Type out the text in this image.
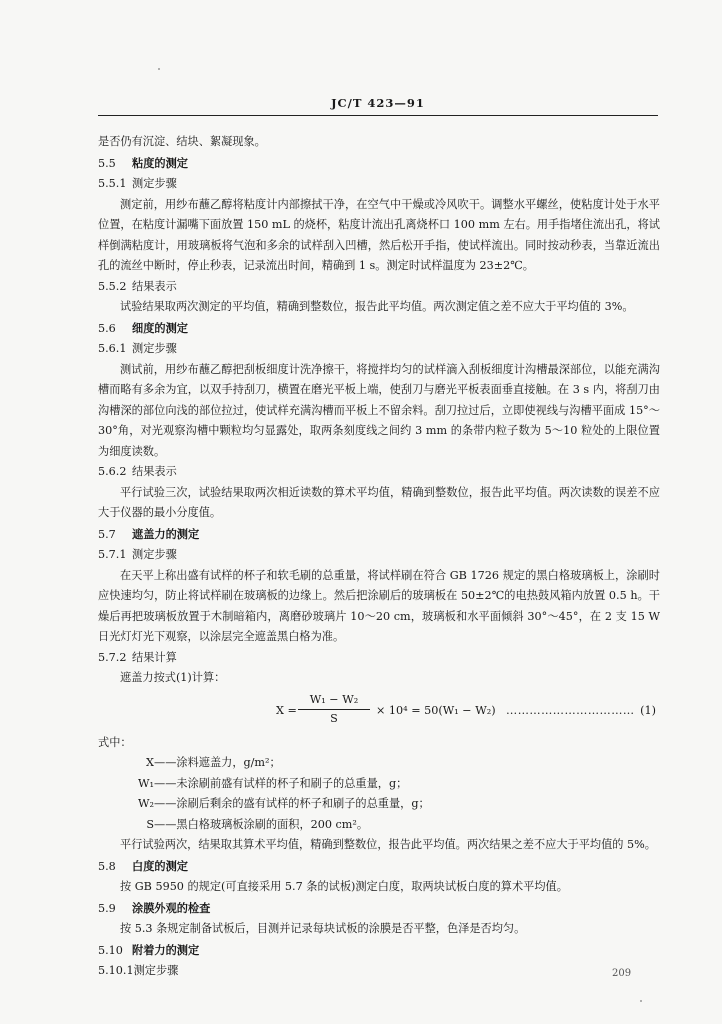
JC/T 423—91

是否仍有沉淀、结块、絮凝现象。

5.5 粘度的测定
5.5.1 测定步骤

测定前，用纱布蘸乙醇将粘度计内部擦拭干净，在空气中干燥或冷风吹干。调整水平螺丝，使粘度计处于水平位置，在粘度计漏嘴下面放置 150 mL 的烧杯，粘度计流出孔离烧杯口 100 mm 左右。用手指堵住流出孔，将试样倒满粘度计，用玻璃板将气泡和多余的试样刮入凹槽，然后松开手指，使试样流出。同时按动秒表，当靠近流出孔的流丝中断时，停止秒表，记录流出时间，精确到 1 s。测定时试样温度为 23±2℃。

5.5.2 结果表示

试验结果取两次测定的平均值，精确到整数位，报告此平均值。两次测定值之差不应大于平均值的 3%。

5.6 细度的测定
5.6.1 测定步骤

测试前，用纱布蘸乙醇把刮板细度计洗净擦干，将搅拌均匀的试样滴入刮板细度计沟槽最深部位，以能充满沟槽而略有多余为宜，以双手持刮刀，横置在磨光平板上端，使刮刀与磨光平板表面垂直接触。在 3 s 内，将刮刀由沟槽深的部位向浅的部位拉过，使试样充满沟槽而平板上不留余料。刮刀拉过后，立即使视线与沟槽平面成 15°～30°角，对光观察沟槽中颗粒均匀显露处，取两条刻度线之间约 3 mm 的条带内粒子数为 5～10 粒处的上限位置为细度读数。

5.6.2 结果表示

平行试验三次，试验结果取两次相近读数的算术平均值，精确到整数位，报告此平均值。两次读数的误差不应大于仪器的最小分度值。

5.7 遮盖力的测定
5.7.1 测定步骤

在天平上称出盛有试样的杯子和软毛刷的总重量，将试样刷在符合 GB 1726 规定的黑白格玻璃板上，涂刷时应快速均匀，防止将试样刷在玻璃板的边缘上。然后把涂刷后的玻璃板在 50±2℃的电热鼓风箱内放置 0.5 h。干燥后再把玻璃板放置于木制暗箱内，离磨砂玻璃片 10～20 cm，玻璃板和水平面倾斜 30°～45°，在 2 支 15 W 日光灯灯光下观察，以涂层完全遮盖黑白格为准。

5.7.2 结果计算

遮盖力按式(1)计算：

$X = \frac{\text{W₁ − W₂}}{S} \times 10^4 = 50(W_1 - W_2)$ …………………………… (1)

式中：

X——涂料遮盖力，g/m²；
W₁——未涂刷前盛有试样的杯子和刷子的总重量，g；
W₂——涂刷后剩余的盛有试样的杯子和刷子的总重量，g；
S——黑白格玻璃板涂刷的面积，200 cm²。

平行试验两次，结果取其算术平均值，精确到整数位，报告此平均值。两次结果之差不应大于平均值的 5%。

5.8 白度的测定

按 GB 5950 的规定(可直接采用 5.7 条的试板)测定白度，取两块试板白度的算术平均值。

5.9 涂膜外观的检查

按 5.3 条规定制备试板后，目测并记录每块试板的涂膜是否平整，色泽是否均匀。

5.10 附着力的测定
5.10.1测定步骤	209
